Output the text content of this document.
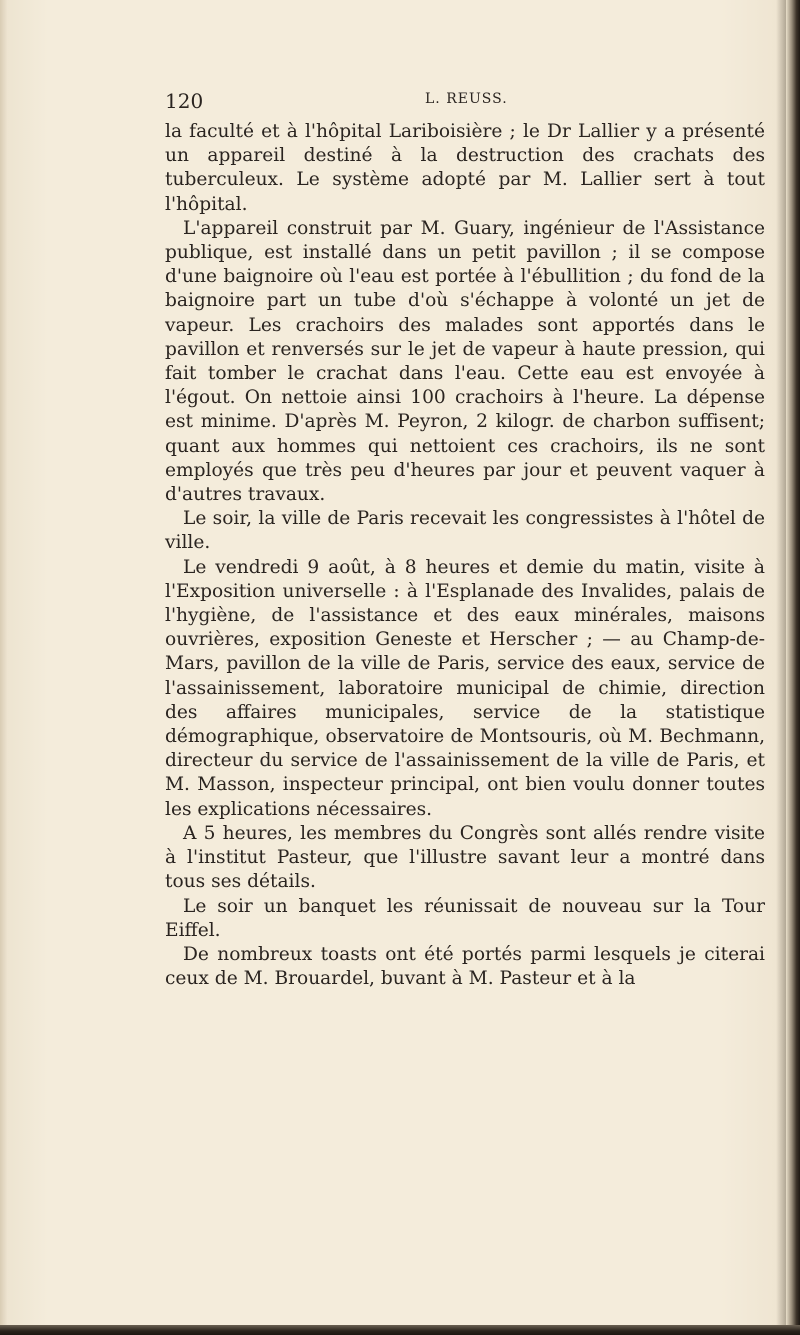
120	L. REUSS.

la faculté et à l'hôpital Lariboisière ; le Dr Lallier y a présenté un appareil destiné à la destruction des crachats des tuberculeux. Le système adopté par M. Lallier sert à tout l'hôpital.

L'appareil construit par M. Guary, ingénieur de l'Assistance publique, est installé dans un petit pavillon ; il se compose d'une baignoire où l'eau est portée à l'ébullition ; du fond de la baignoire part un tube d'où s'échappe à volonté un jet de vapeur. Les crachoirs des malades sont apportés dans le pavillon et renversés sur le jet de vapeur à haute pression, qui fait tomber le crachat dans l'eau. Cette eau est envoyée à l'égout. On nettoie ainsi 100 crachoirs à l'heure. La dépense est minime. D'après M. Peyron, 2 kilogr. de charbon suffisent; quant aux hommes qui nettoient ces crachoirs, ils ne sont employés que très peu d'heures par jour et peuvent vaquer à d'autres travaux.

Le soir, la ville de Paris recevait les congressistes à l'hôtel de ville.

Le vendredi 9 août, à 8 heures et demie du matin, visite à l'Exposition universelle : à l'Esplanade des Invalides, palais de l'hygiène, de l'assistance et des eaux minérales, maisons ouvrières, exposition Geneste et Herscher ; — au Champ-de-Mars, pavillon de la ville de Paris, service des eaux, service de l'assainissement, laboratoire municipal de chimie, direction des affaires municipales, service de la statistique démographique, observatoire de Montsouris, où M. Bechmann, directeur du service de l'assainissement de la ville de Paris, et M. Masson, inspecteur principal, ont bien voulu donner toutes les explications nécessaires.

A 5 heures, les membres du Congrès sont allés rendre visite à l'institut Pasteur, que l'illustre savant leur a montré dans tous ses détails.

Le soir un banquet les réunissait de nouveau sur la Tour Eiffel.

De nombreux toasts ont été portés parmi lesquels je citerai ceux de M. Brouardel, buvant à M. Pasteur et à la
